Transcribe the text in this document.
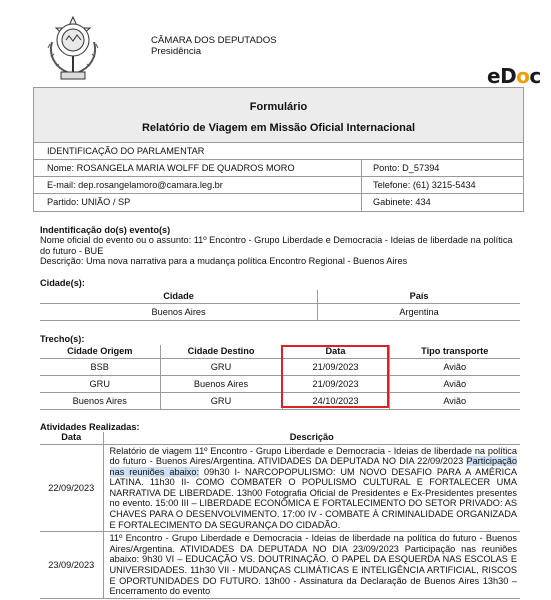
CÂMARA DOS DEPUTADOS
Presidência
eDoc
Formulário
Relatório de Viagem em Missão Oficial Internacional
IDENTIFICAÇÃO DO PARLAMENTAR
Nome: ROSANGELA MARIA WOLFF DE QUADROS MORO	Ponto: D_57394
E-mail: dep.rosangelamoro@camara.leg.br	Telefone: (61) 3215-5434
Partido: UNIÃO / SP	Gabinete: 434
Indentificação do(s) evento(s)

Nome oficial do evento ou o assunto: 11º Encontro - Grupo Liberdade e Democracia - Ideias de liberdade na política do futuro - BUE

Descrição: Uma nova narrativa para a mudança política Encontro Regional - Buenos Aires

Cidade(s):
Cidade	País
Buenos Aires	Argentina
Trecho(s):
Cidade Origem	Cidade Destino	Data	Tipo transporte
BSB	GRU	21/09/2023	Avião
GRU	Buenos Aires	21/09/2023	Avião
Buenos Aires	GRU	24/10/2023	Avião
Atividades Realizadas:
Data	Descrição
22/09/2023	Relatório de viagem 11º Encontro - Grupo Liberdade e Democracia - Ideias de liberdade na política do futuro - Buenos Aires/Argentina. ATIVIDADES DA DEPUTADA NO DIA 22/09/2023 Participação nas reuniões abaixo: 09h30 I- NARCOPOPULISMO: UM NOVO DESAFIO PARA A AMÉRICA LATINA. 11h30 II- COMO COMBATER O POPULISMO CULTURAL E FORTALECER UMA NARRATIVA DE LIBERDADE. 13h00 Fotografia Oficial de Presidentes e Ex-Presidentes presentes no evento. 15:00 III – LIBERDADE ECONÔMICA E FORTALECIMENTO DO SETOR PRIVADO: AS CHAVES PARA O DESENVOLVIMENTO. 17:00 IV - COMBATE À CRIMINALIDADE ORGANIZADA E FORTALECIMENTO DA SEGURANÇA DO CIDADÃO.
23/09/2023	11º Encontro - Grupo Liberdade e Democracia - Ideias de liberdade na política do futuro - Buenos Aires/Argentina. ATIVIDADES DA DEPUTADA NO DIA 23/09/2023 Participação nas reuniões abaixo: 9h30 VI – EDUCAÇÃO VS. DOUTRINAÇÃO. O PAPEL DA ESQUERDA NAS ESCOLAS E UNIVERSIDADES. 11h30 VII - MUDANÇAS CLIMÁTICAS E INTELIGÊNCIA ARTIFICIAL, RISCOS E OPORTUNIDADES DO FUTURO. 13h00 - Assinatura da Declaração de Buenos Aires 13h30 – Encerramento do evento
